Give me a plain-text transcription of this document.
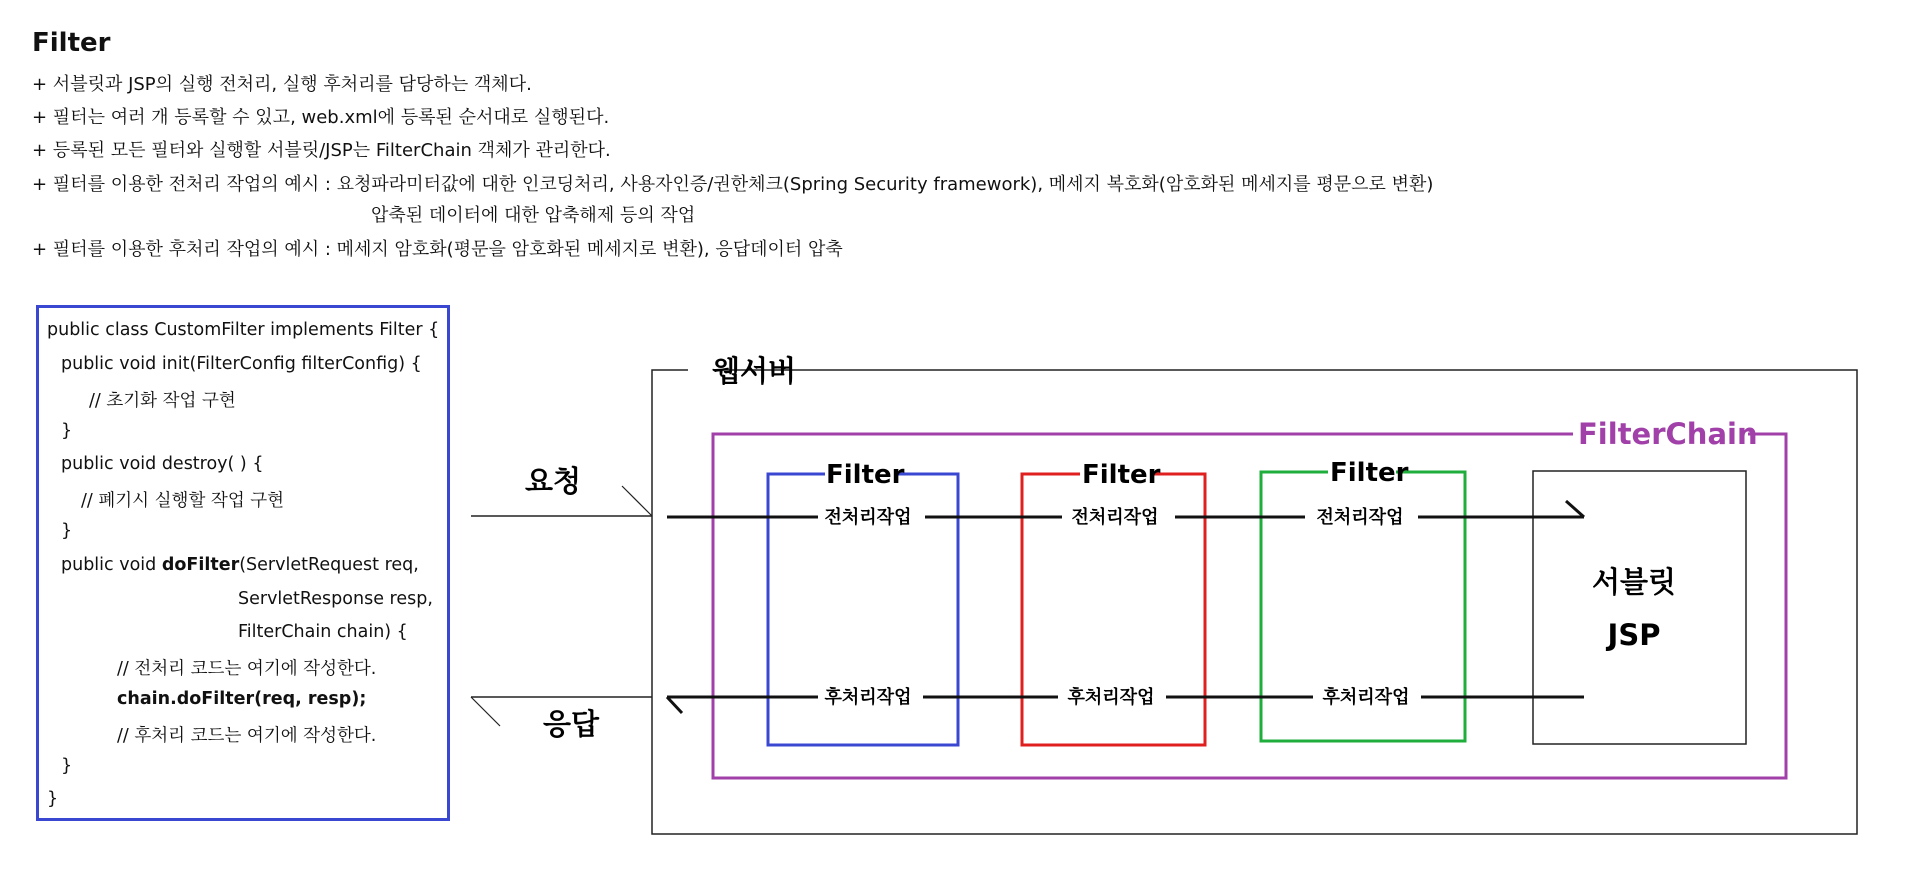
Filter
+ 서블릿과 JSP의 실행 전처리, 실행 후처리를 담당하는 객체다.
+ 필터는 여러 개 등록할 수 있고, web.xml에 등록된 순서대로 실행된다.
+ 등록된 모든 필터와 실행할 서블릿/JSP는 FilterChain 객체가 관리한다.
+ 필터를 이용한 전처리 작업의 예시 : 요청파라미터값에 대한 인코딩처리, 사용자인증/권한체크(Spring Security framework), 메세지 복호화(암호화된 메세지를 평문으로 변환)
압축된 데이터에 대한 압축해제 등의 작업
+ 필터를 이용한 후처리 작업의 예시 : 메세지 암호화(평문을 암호화된 메세지로 변환), 응답데이터 압축
public class CustomFilter implements Filter {
public void init(FilterConfig filterConfig) {
// 초기화 작업 구현
}
public void destroy( ) {
// 폐기시 실행할 작업 구현
}
public void doFilter(ServletRequest req,
ServletResponse resp,
FilterChain chain) {
// 전처리 코드는 여기에 작성한다.
chain.doFilter(req, resp);
// 후처리 코드는 여기에 작성한다.
}
}
웹서버
FilterChain
Filter	Filter	Filter
서블릿
JSP
요청
응답
전처리작업	전처리작업	전처리작업
후처리작업	후처리작업	후처리작업
